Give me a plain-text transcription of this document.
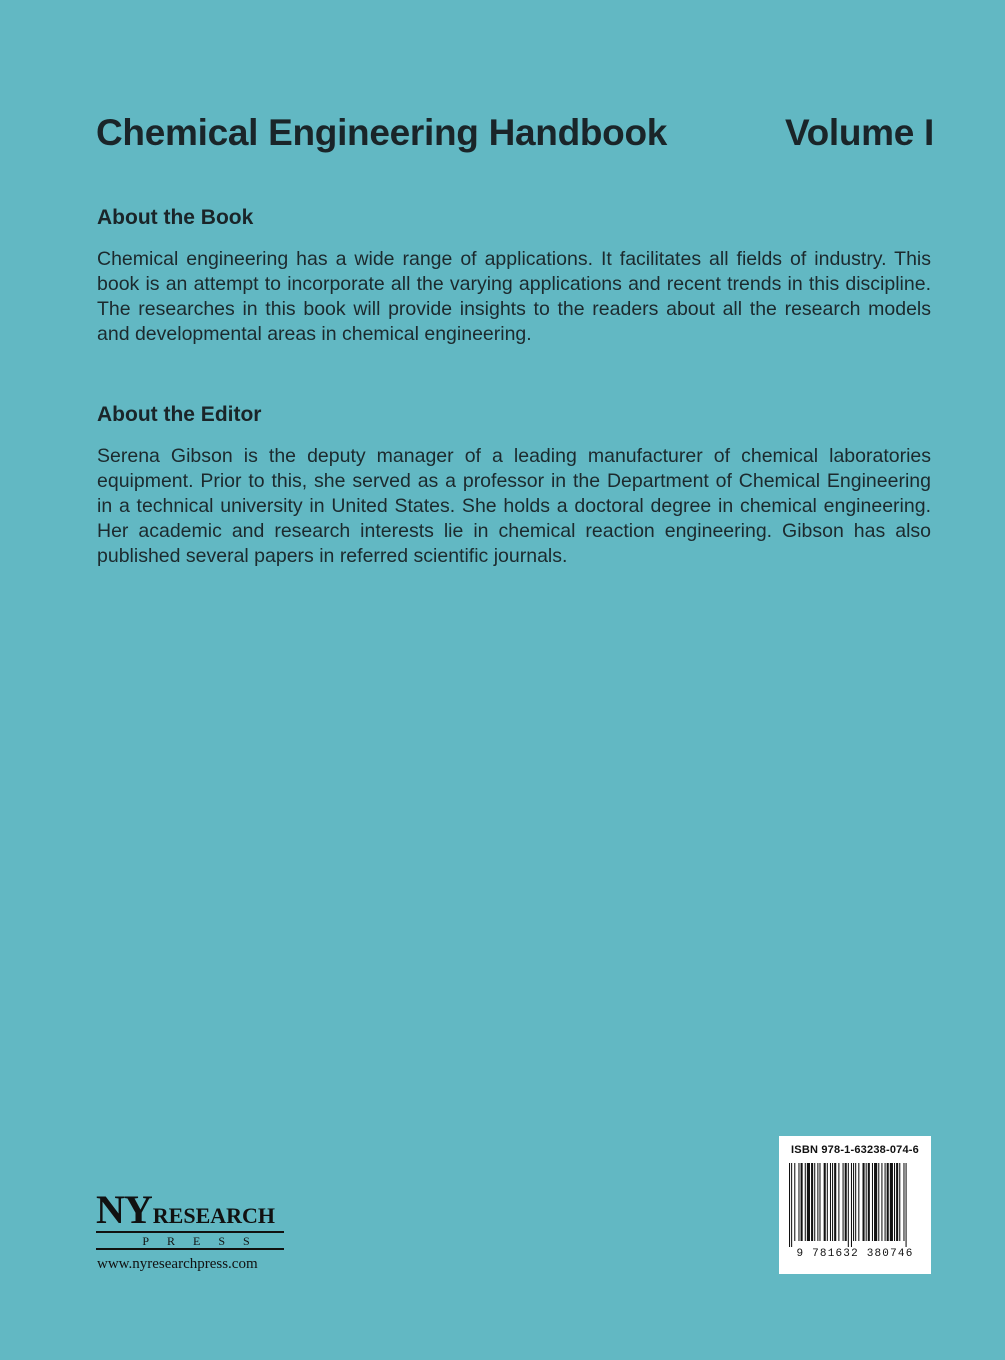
Chemical Engineering Handbook	Volume I
About the Book

Chemical engineering has a wide range of applications. It facilitates all fields of industry. This book is an attempt to incorporate all the varying applications and recent trends in this discipline. The researches in this book will provide insights to the readers about all the research models and developmental areas in chemical engineering.

About the Editor

Serena Gibson is the deputy manager of a leading manufacturer of chemical laboratories equipment. Prior to this, she served as a professor in the Department of Chemical Engineering in a technical university in United States. She holds a doctoral degree in chemical engineering. Her academic and research interests lie in chemical reaction engineering. Gibson has also published several papers in referred scientific journals.

NYRESEARCH
PRESS
www.nyresearchpress.com
ISBN 978-1-63238-074-6
9 781632 380746
